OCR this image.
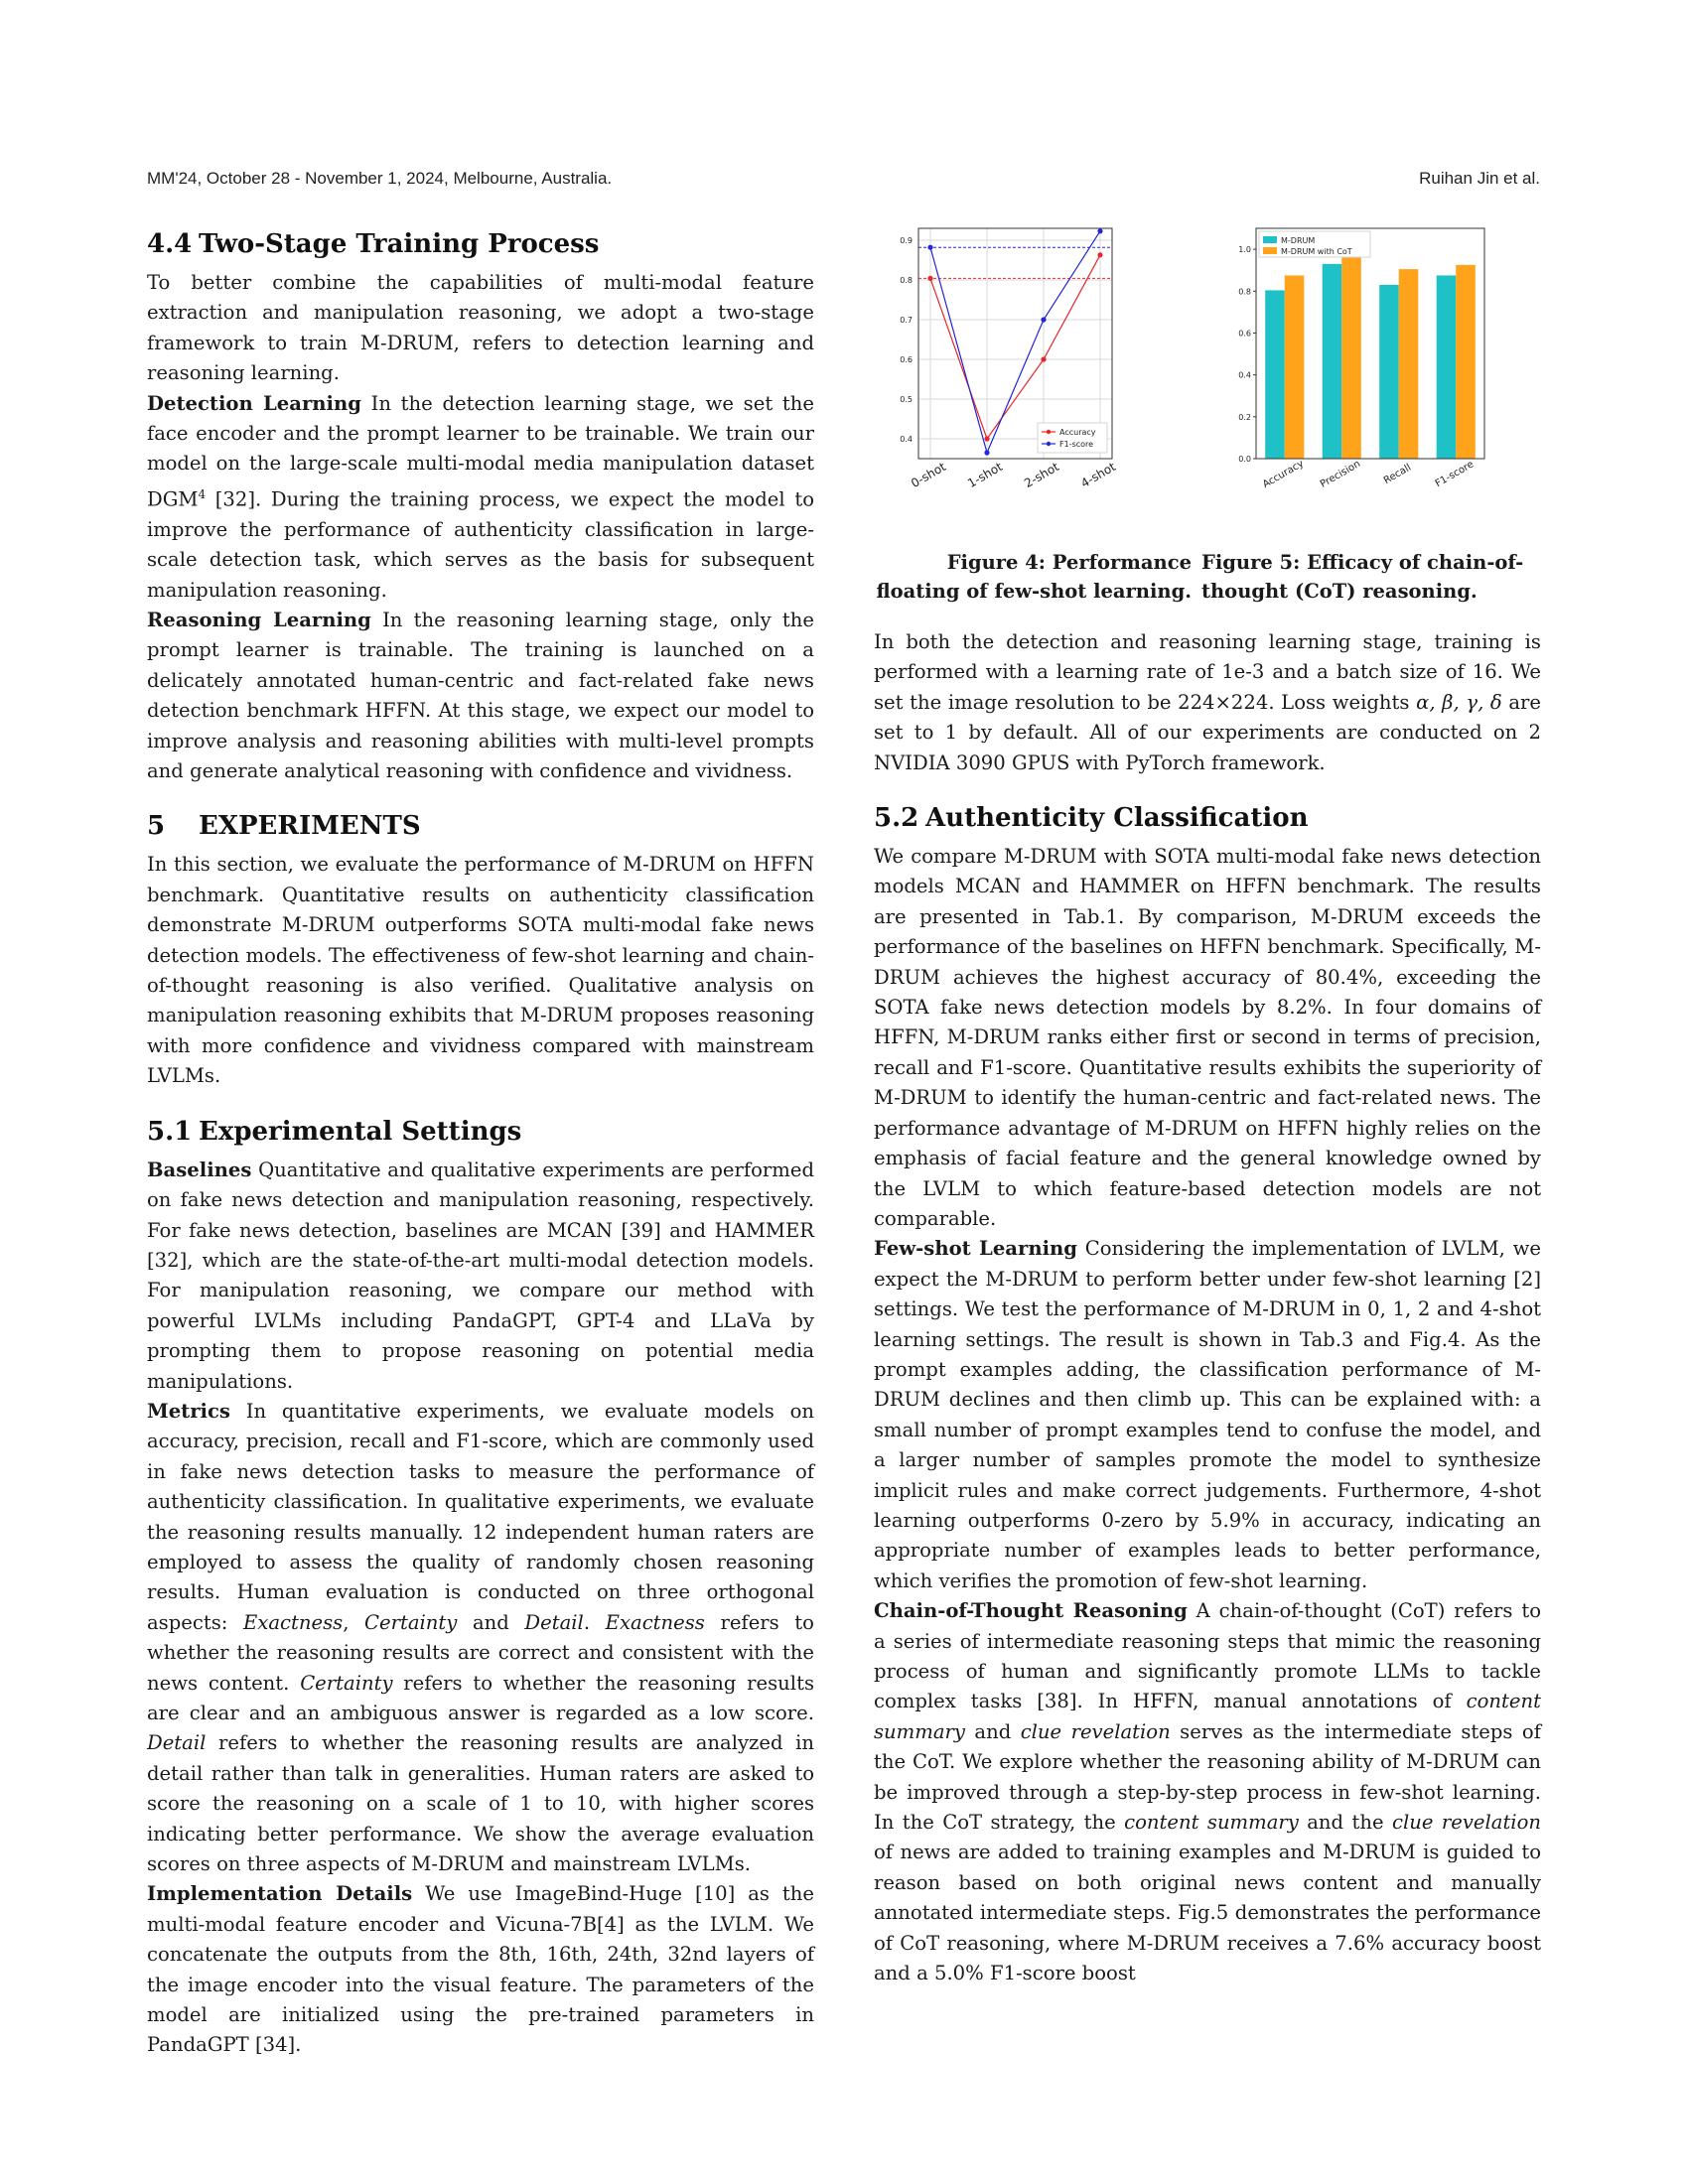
MM'24, October 28 - November 1, 2024, Melbourne, Australia.	Ruihan Jin et al.
4.4 Two-Stage Training Process

To better combine the capabilities of multi-modal feature extraction and manipulation reasoning, we adopt a two-stage framework to train M-DRUM, refers to detection learning and reasoning learning.

Detection Learning In the detection learning stage, we set the face encoder and the prompt learner to be trainable. We train our model on the large-scale multi-modal media manipulation dataset DGM$^4$ [32]. During the training process, we expect the model to improve the performance of authenticity classification in large-scale detection task, which serves as the basis for subsequent manipulation reasoning.

Reasoning Learning In the reasoning learning stage, only the prompt learner is trainable. The training is launched on a delicately annotated human-centric and fact-related fake news detection benchmark HFFN. At this stage, we expect our model to improve analysis and reasoning abilities with multi-level prompts and generate analytical reasoning with confidence and vividness.

5 EXPERIMENTS

In this section, we evaluate the performance of M-DRUM on HFFN benchmark. Quantitative results on authenticity classification demonstrate M-DRUM outperforms SOTA multi-modal fake news detection models. The effectiveness of few-shot learning and chain-of-thought reasoning is also verified. Qualitative analysis on manipulation reasoning exhibits that M-DRUM proposes reasoning with more confidence and vividness compared with mainstream LVLMs.

5.1 Experimental Settings

Baselines Quantitative and qualitative experiments are performed on fake news detection and manipulation reasoning, respectively. For fake news detection, baselines are MCAN [39] and HAMMER [32], which are the state-of-the-art multi-modal detection models. For manipulation reasoning, we compare our method with powerful LVLMs including PandaGPT, GPT-4 and LLaVa by prompting them to propose reasoning on potential media manipulations.

Metrics In quantitative experiments, we evaluate models on accuracy, precision, recall and F1-score, which are commonly used in fake news detection tasks to measure the performance of authenticity classification. In qualitative experiments, we evaluate the reasoning results manually. 12 independent human raters are employed to assess the quality of randomly chosen reasoning results. Human evaluation is conducted on three orthogonal aspects: Exactness, Certainty and Detail. Exactness refers to whether the reasoning results are correct and consistent with the news content. Certainty refers to whether the reasoning results are clear and an ambiguous answer is regarded as a low score. Detail refers to whether the reasoning results are analyzed in detail rather than talk in generalities. Human raters are asked to score the reasoning on a scale of 1 to 10, with higher scores indicating better performance. We show the average evaluation scores on three aspects of M-DRUM and mainstream LVLMs.

Implementation Details We use ImageBind-Huge [10] as the multi-modal feature encoder and Vicuna-7B[4] as the LVLM. We concatenate the outputs from the 8th, 16th, 24th, 32nd layers of the image encoder into the visual feature. The parameters of the model are initialized using the pre-trained parameters in PandaGPT [34].

0.4
0.5
0.6
0.7
0.8
0.9
0-shot 1-shot 2-shot 4-shot
Accuracy
F1-score
0.0
0.2
0.4
0.6
0.8
1.0
Accuracy Precision Recall F1-score
M-DRUM
M-DRUM with CoT
Figure 4: Performance floating of few-shot learning.
Figure 5: Efficacy of chain-of-thought (CoT) reasoning.

In both the detection and reasoning learning stage, training is performed with a learning rate of 1e-3 and a batch size of 16. We set the image resolution to be 224×224. Loss weights α, β, γ, δ are set to 1 by default. All of our experiments are conducted on 2 NVIDIA 3090 GPUS with PyTorch framework.

5.2 Authenticity Classification

We compare M-DRUM with SOTA multi-modal fake news detection models MCAN and HAMMER on HFFN benchmark. The results are presented in Tab.1. By comparison, M-DRUM exceeds the performance of the baselines on HFFN benchmark. Specifically, M-DRUM achieves the highest accuracy of 80.4%, exceeding the SOTA fake news detection models by 8.2%. In four domains of HFFN, M-DRUM ranks either first or second in terms of precision, recall and F1-score. Quantitative results exhibits the superiority of M-DRUM to identify the human-centric and fact-related news. The performance advantage of M-DRUM on HFFN highly relies on the emphasis of facial feature and the general knowledge owned by the LVLM to which feature-based detection models are not comparable.

Few-shot Learning Considering the implementation of LVLM, we expect the M-DRUM to perform better under few-shot learning [2] settings. We test the performance of M-DRUM in 0, 1, 2 and 4-shot learning settings. The result is shown in Tab.3 and Fig.4. As the prompt examples adding, the classification performance of M-DRUM declines and then climb up. This can be explained with: a small number of prompt examples tend to confuse the model, and a larger number of samples promote the model to synthesize implicit rules and make correct judgements. Furthermore, 4-shot learning outperforms 0-zero by 5.9% in accuracy, indicating an appropriate number of examples leads to better performance, which verifies the promotion of few-shot learning.

Chain-of-Thought Reasoning A chain-of-thought (CoT) refers to a series of intermediate reasoning steps that mimic the reasoning process of human and significantly promote LLMs to tackle complex tasks [38]. In HFFN, manual annotations of content summary and clue revelation serves as the intermediate steps of the CoT. We explore whether the reasoning ability of M-DRUM can be improved through a step-by-step process in few-shot learning. In the CoT strategy, the content summary and the clue revelation of news are added to training examples and M-DRUM is guided to reason based on both original news content and manually annotated intermediate steps. Fig.5 demonstrates the performance of CoT reasoning, where M-DRUM receives a 7.6% accuracy boost and a 5.0% F1-score boost
